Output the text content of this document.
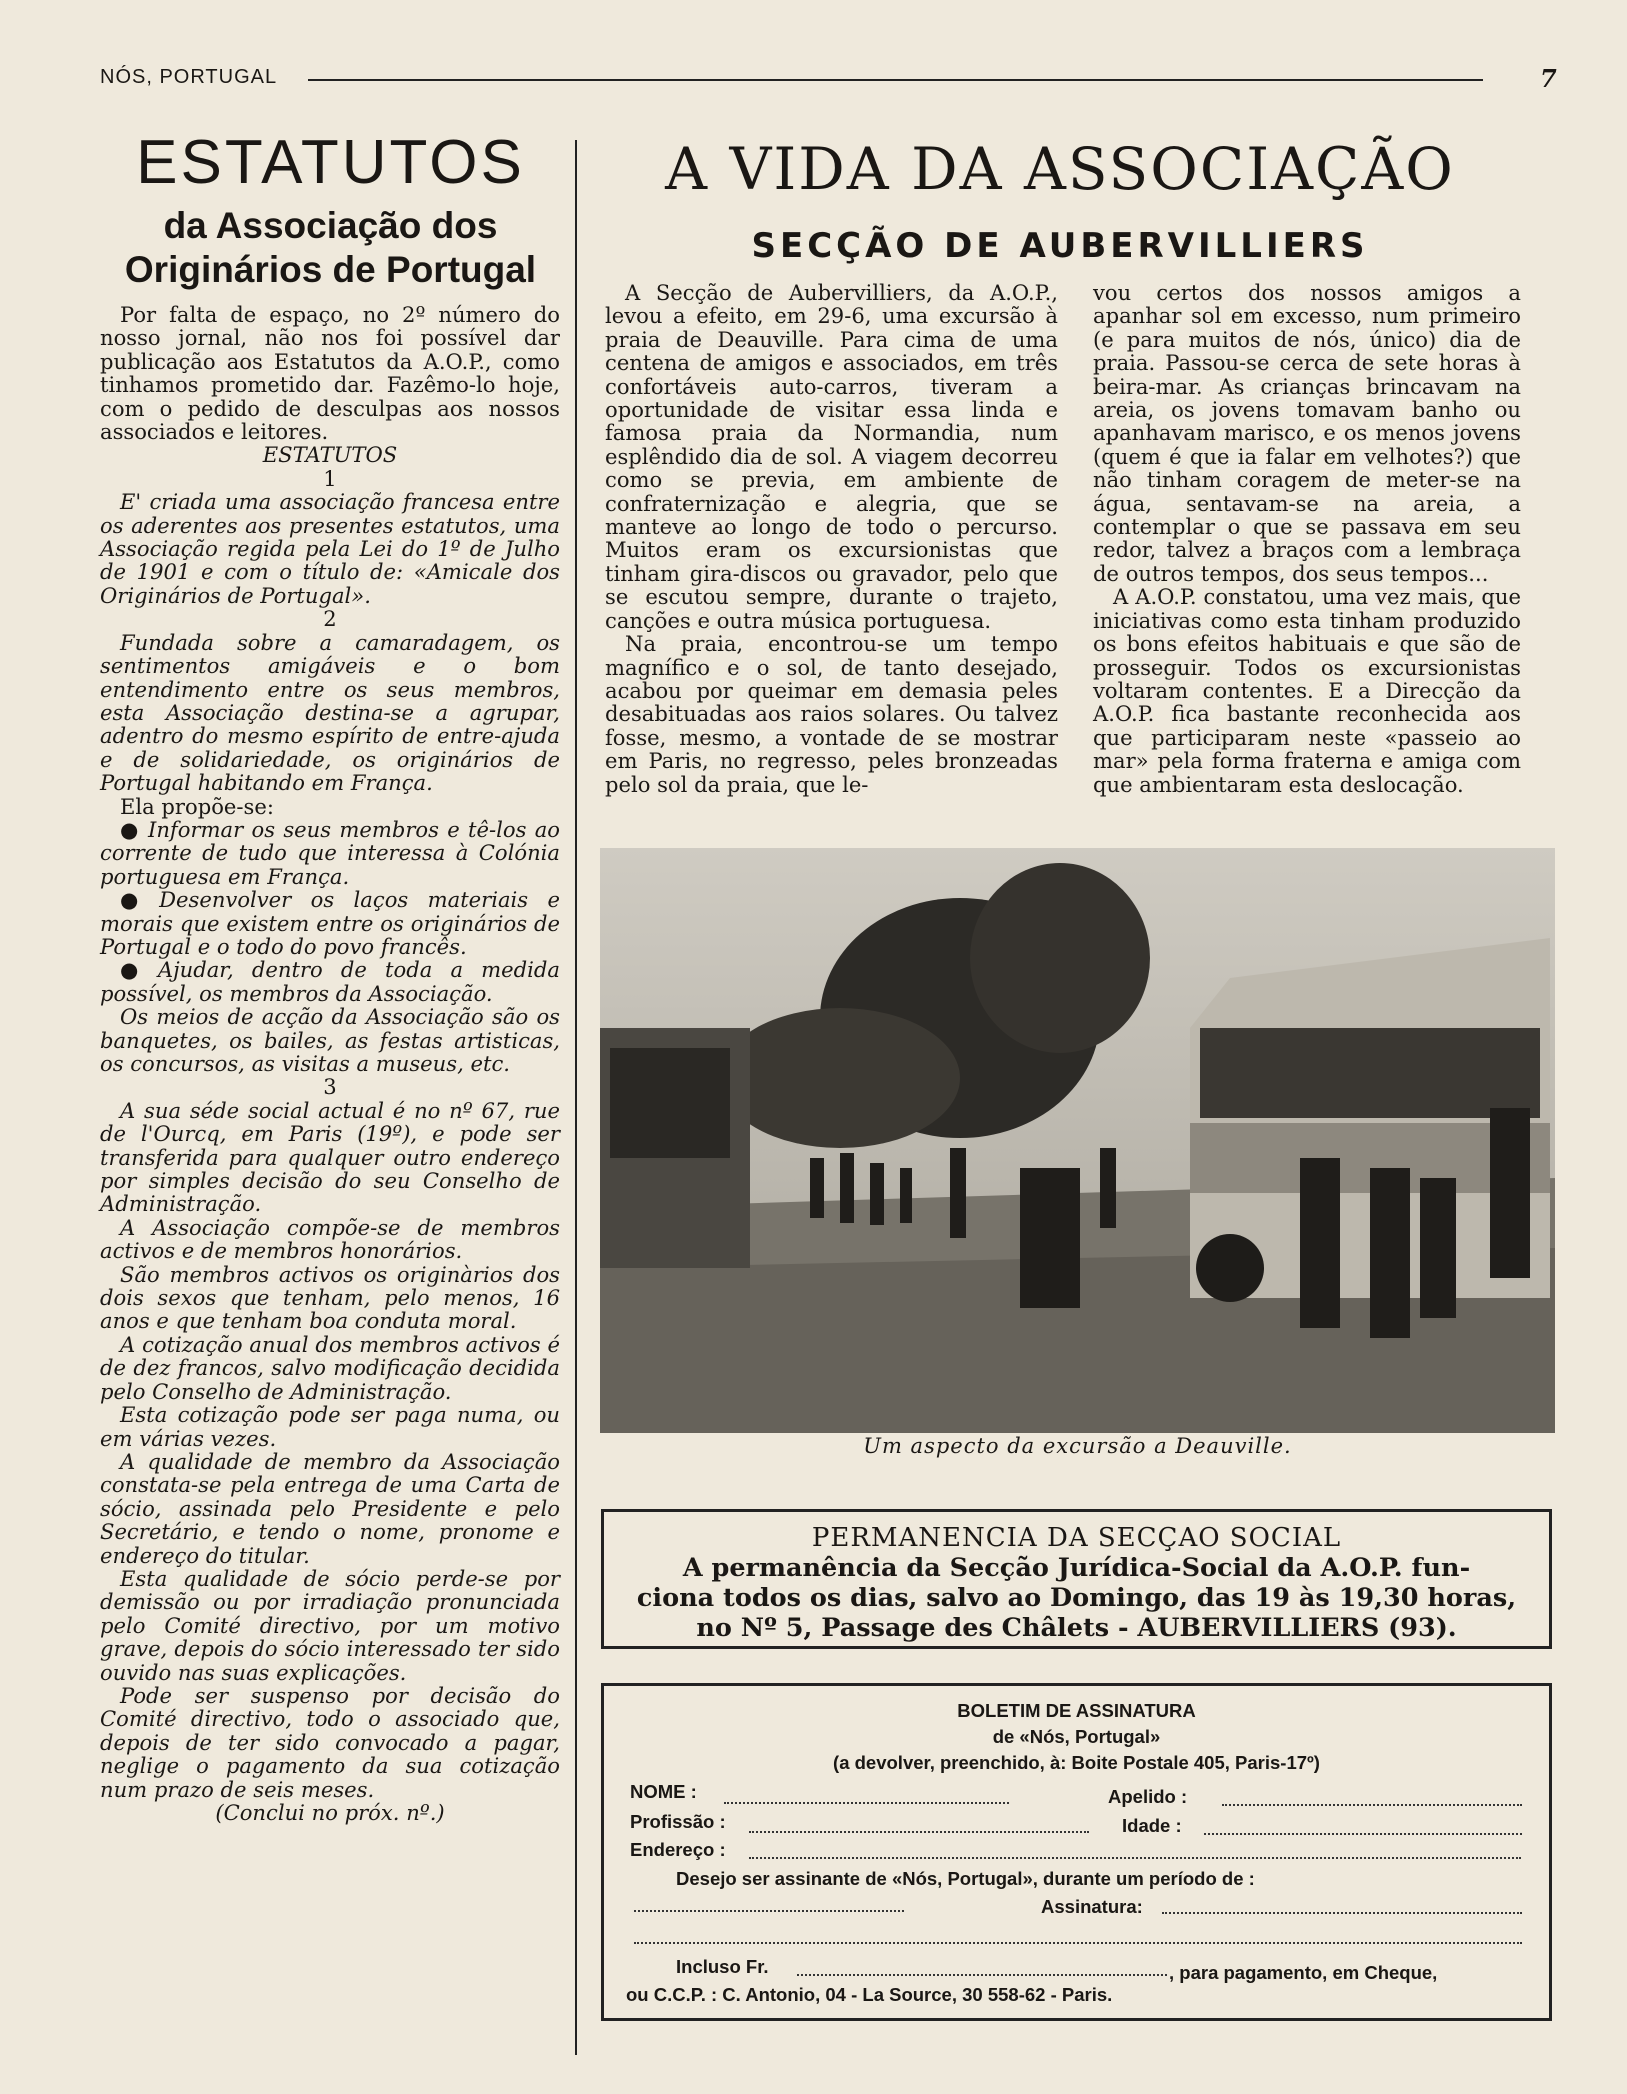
NÓS, PORTUGAL	7
ESTATUTOS
da Associação dos
Originários de Portugal

Por falta de espaço, no 2º número do nosso jornal, não nos foi possível dar publicação aos Estatutos da A.O.P., como tinhamos prometido dar. Fazêmo-lo hoje, com o pedido de desculpas aos nossos associados e leitores.

ESTATUTOS

1

E' criada uma associação francesa entre os aderentes aos presentes estatutos, uma Associação regida pela Lei do 1º de Julho de 1901 e com o título de: «Amicale dos Originários de Portugal».

2

Fundada sobre a camaradagem, os sentimentos amigáveis e o bom entendimento entre os seus membros, esta Associação destina-se a agrupar, adentro do mesmo espírito de entre-ajuda e de solidariedade, os originários de Portugal habitando em França.

Ela propõe-se:

● Informar os seus membros e tê-los ao corrente de tudo que interessa à Colónia portuguesa em França.

● Desenvolver os laços materiais e morais que existem entre os originários de Portugal e o todo do povo francês.

● Ajudar, dentro de toda a medida possível, os membros da Associação.

Os meios de acção da Associação são os banquetes, os bailes, as festas artisticas, os concursos, as visitas a museus, etc.

3

A sua séde social actual é no nº 67, rue de l'Ourcq, em Paris (19º), e pode ser transferida para qualquer outro endereço por simples decisão do seu Conselho de Administração.

A Associação compõe-se de membros activos e de membros honorários.

São membros activos os originàrios dos dois sexos que tenham, pelo menos, 16 anos e que tenham boa conduta moral.

A cotização anual dos membros activos é de dez francos, salvo modificação decidida pelo Conselho de Administração.

Esta cotização pode ser paga numa, ou em várias vezes.

A qualidade de membro da Associação constata-se pela entrega de uma Carta de sócio, assinada pelo Presidente e pelo Secretário, e tendo o nome, pronome e endereço do titular.

Esta qualidade de sócio perde-se por demissão ou por irradiação pronunciada pelo Comité directivo, por um motivo grave, depois do sócio interessado ter sido ouvido nas suas explicações.

Pode ser suspenso por decisão do Comité directivo, todo o associado que, depois de ter sido convocado a pagar, neglige o pagamento da sua cotização num prazo de seis meses.

(Conclui no próx. nº.)

A VIDA DA ASSOCIAÇÃO
SECÇÃO DE AUBERVILLIERS

A Secção de Aubervilliers, da A.O.P., levou a efeito, em 29-6, uma excursão à praia de Deauville. Para cima de uma centena de amigos e associados, em três confortáveis auto-carros, tiveram a oportunidade de visitar essa linda e famosa praia da Normandia, num esplêndido dia de sol. A viagem decorreu como se previa, em ambiente de confraternização e alegria, que se manteve ao longo de todo o percurso. Muitos eram os excursionistas que tinham gira-discos ou gravador, pelo que se escutou sempre, durante o trajeto, canções e outra música portuguesa.

Na praia, encontrou-se um tempo magnífico e o sol, de tanto desejado, acabou por queimar em demasia peles desabituadas aos raios solares. Ou talvez fosse, mesmo, a vontade de se mostrar em Paris, no regresso, peles bronzeadas pelo sol da praia, que le-

vou certos dos nossos amigos a apanhar sol em excesso, num primeiro (e para muitos de nós, único) dia de praia. Passou-se cerca de sete horas à beira-mar. As crianças brincavam na areia, os jovens tomavam banho ou apanhavam marisco, e os menos jovens (quem é que ia falar em velhotes?) que não tinham coragem de meter-se na água, sentavam-se na areia, a contemplar o que se passava em seu redor, talvez a braços com a lembraça de outros tempos, dos seus tempos...

A A.O.P. constatou, uma vez mais, que iniciativas como esta tinham produzido os bons efeitos habituais e que são de prosseguir. Todos os excursionistas voltaram contentes. E a Direcção da A.O.P. fica bastante reconhecida aos que participaram neste «passeio ao mar» pela forma fraterna e amiga com que ambientaram esta deslocação.

Um aspecto da excursão a Deauville.
PERMANENCIA DA SECÇAO SOCIAL
A permanência da Secção Jurídica-Social da A.O.P. fun-
ciona todos os dias, salvo ao Domingo, das 19 às 19,30 horas,
no Nº 5, Passage des Châlets - AUBERVILLIERS (93).
BOLETIM DE ASSINATURA
de «Nós, Portugal»
(a devolver, preenchido, à: Boite Postale 405, Paris-17º)
NOME :	Apelido :
Profissão :	Idade :
Endereço :
Desejo ser assinante de «Nós, Portugal», durante um período de :
Assinatura:
Incluso Fr.	, para pagamento, em Cheque,
ou C.C.P. : C. Antonio, 04 - La Source, 30 558-62 - Paris.
